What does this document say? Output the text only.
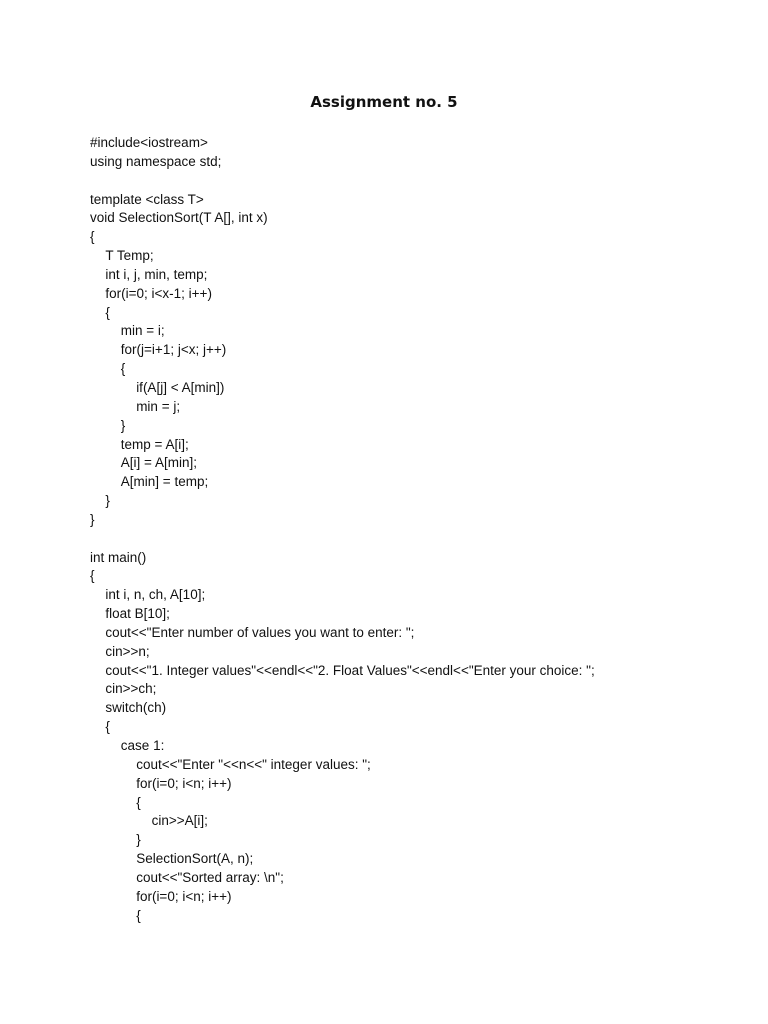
Assignment no. 5
#include<iostream>
using namespace std;
template <class T>
void SelectionSort(T A[], int x)
{
T Temp;
int i, j, min, temp;
for(i=0; i<x-1; i++)
{
min = i;
for(j=i+1; j<x; j++)
{
if(A[j] < A[min])
min = j;
}
temp = A[i];
A[i] = A[min];
A[min] = temp;
}
}
int main()
{
int i, n, ch, A[10];
float B[10];
cout<<"Enter number of values you want to enter: ";
cin>>n;
cout<<"1. Integer values"<<endl<<"2. Float Values"<<endl<<"Enter your choice: ";
cin>>ch;
switch(ch)
{
case 1:
cout<<"Enter "<<n<<" integer values: ";
for(i=0; i<n; i++)
{
cin>>A[i];
}
SelectionSort(A, n);
cout<<"Sorted array: \n";
for(i=0; i<n; i++)
{
